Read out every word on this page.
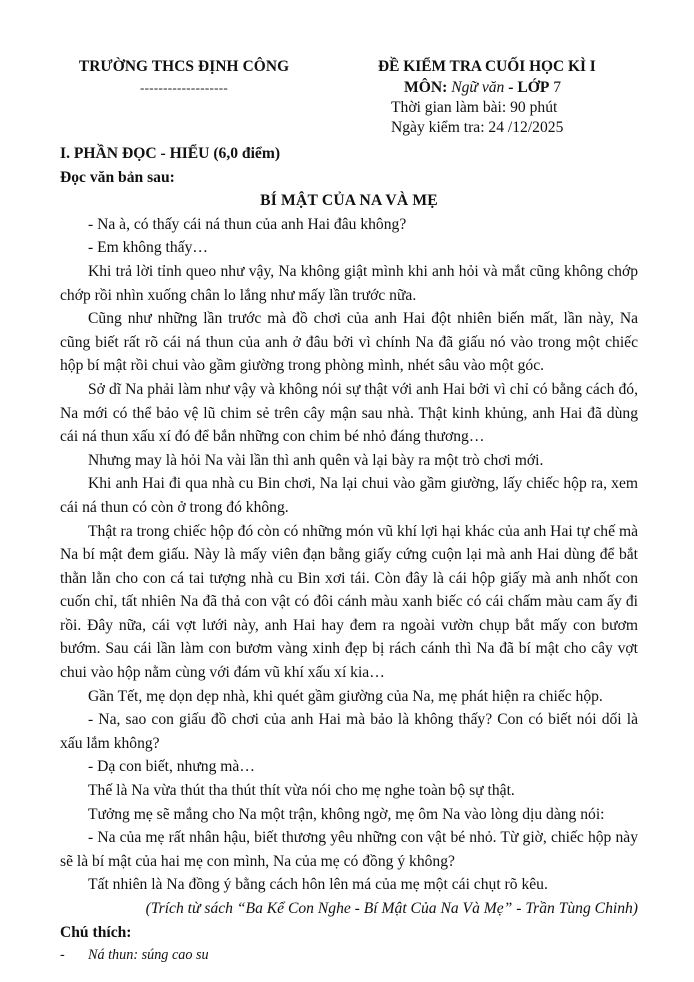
TRƯỜNG THCS ĐỊNH CÔNG
-------------------
ĐỀ KIỂM TRA CUỐI HỌC KÌ I
MÔN: Ngữ văn - LỚP 7
Thời gian làm bài: 90 phút
Ngày kiểm tra: 24 /12/2025
I. PHẦN ĐỌC - HIỂU (6,0 điểm)
Đọc văn bản sau:
BÍ MẬT CỦA NA VÀ MẸ

- Na à, có thấy cái ná thun của anh Hai đâu không?

- Em không thấy…

Khi trả lời tỉnh queo như vậy, Na không giật mình khi anh hỏi và mắt cũng không chớp chớp rồi nhìn xuống chân lo lắng như mấy lần trước nữa.

Cũng như những lần trước mà đồ chơi của anh Hai đột nhiên biến mất, lần này, Na cũng biết rất rõ cái ná thun của anh ở đâu bởi vì chính Na đã giấu nó vào trong một chiếc hộp bí mật rồi chui vào gầm giường trong phòng mình, nhét sâu vào một góc.

Sở dĩ Na phải làm như vậy và không nói sự thật với anh Hai bởi vì chỉ có bằng cách đó, Na mới có thể bảo vệ lũ chim sẻ trên cây mận sau nhà. Thật kinh khủng, anh Hai đã dùng cái ná thun xấu xí đó để bắn những con chim bé nhỏ đáng thương…

Nhưng may là hỏi Na vài lần thì anh quên và lại bày ra một trò chơi mới.

Khi anh Hai đi qua nhà cu Bin chơi, Na lại chui vào gầm giường, lấy chiếc hộp ra, xem cái ná thun có còn ở trong đó không.

Thật ra trong chiếc hộp đó còn có những món vũ khí lợi hại khác của anh Hai tự chế mà Na bí mật đem giấu. Này là mấy viên đạn bằng giấy cứng cuộn lại mà anh Hai dùng để bắt thằn lằn cho con cá tai tượng nhà cu Bin xơi tái. Còn đây là cái hộp giấy mà anh nhốt con cuốn chỉ, tất nhiên Na đã thả con vật có đôi cánh màu xanh biếc có cái chấm màu cam ấy đi rồi. Đây nữa, cái vợt lưới này, anh Hai hay đem ra ngoài vườn chụp bắt mấy con bươm bướm. Sau cái lần làm con bươm vàng xinh đẹp bị rách cánh thì Na đã bí mật cho cây vợt chui vào hộp nằm cùng với đám vũ khí xấu xí kia…

Gần Tết, mẹ dọn dẹp nhà, khi quét gầm giường của Na, mẹ phát hiện ra chiếc hộp.

- Na, sao con giấu đồ chơi của anh Hai mà bảo là không thấy? Con có biết nói dối là xấu lắm không?

- Dạ con biết, nhưng mà…

Thế là Na vừa thút tha thút thít vừa nói cho mẹ nghe toàn bộ sự thật.

Tưởng mẹ sẽ mắng cho Na một trận, không ngờ, mẹ ôm Na vào lòng dịu dàng nói:

- Na của mẹ rất nhân hậu, biết thương yêu những con vật bé nhỏ. Từ giờ, chiếc hộp này sẽ là bí mật của hai mẹ con mình, Na của mẹ có đồng ý không?

Tất nhiên là Na đồng ý bằng cách hôn lên má của mẹ một cái chụt rõ kêu.

(Trích từ sách “Ba Kể Con Nghe - Bí Mật Của Na Và Mẹ” - Trần Tùng Chinh)
Chú thích:
- Ná thun: súng cao su
